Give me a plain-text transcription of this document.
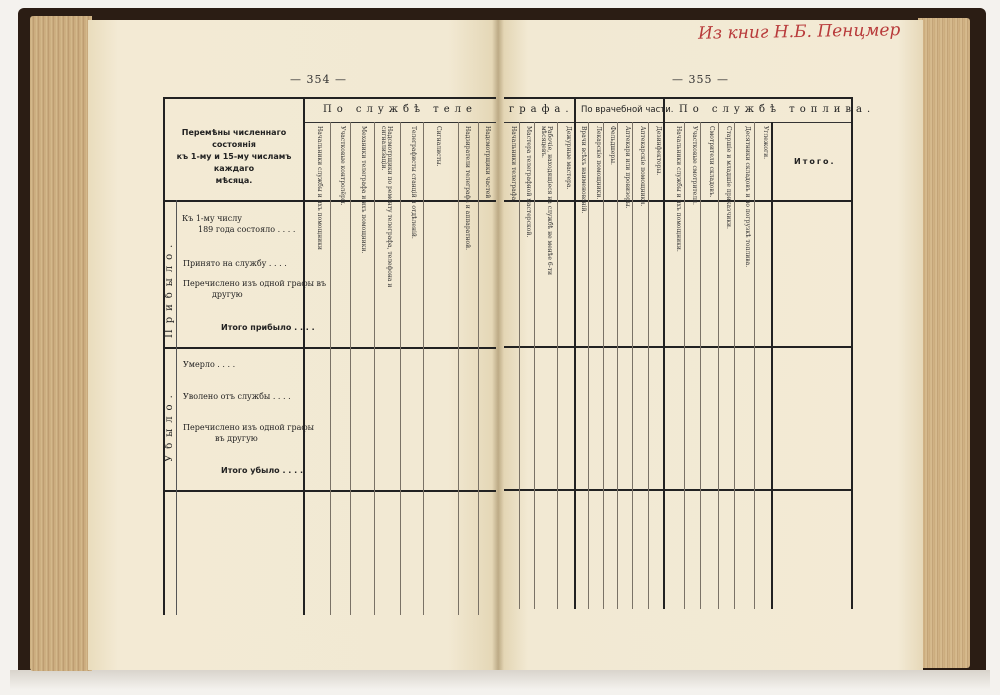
— 354 —	— 355 —
Из книг Н.Б. Пенцмер
Перемѣны численнаго состоянія
къ 1-му и 15-му числамъ каждаго
мѣсяца.
По службѣ теле	графа. По врачебной части. По службѣ топлива.
Начальники службы и ихъ помощники	Участковые контролёры.	Механики телеграфа и ихъ помощники.	Надсмотрщики по ремонту телеграфа, телефона и сигнализаціи.	Телеграфисты станцій и отдѣленій.	Сигналисты.	Надзиратели телеграфа и аппаратной.	Надсмотрщики частей	Начальники телеграфа.	Мастера телеграфной мастерской.	Рабочіе, находящіеся на службѣ не менѣе 6-ти мѣсяцевъ.	Дежурные мастера.	Врачи всѣхъ наименованій.	Лекарскіе помощники.	Фельдшеры.	Аптекари или провизоры.	Аптекарскіе помощники.	Дезинфекторы.	Начальники службы и ихъ помощники.	Участковые смотрители.	Смотрители складовъ.	Старшіе и младшіе приказчики.	Десятники складовъ и по погрузкѣ топлива.	Углежоги.
Итого.
Прибыло.
Убыло.
Къ 1-му числу
189 года состояло . . . .
Принято на службу . . . .
Перечислено изъ одной графы въ
другую
Итого прибыло . . . .
Умерло . . . .
Уволено отъ службы . . . .
Перечислено изъ одной графы
въ другую
Итого убыло . . . .
